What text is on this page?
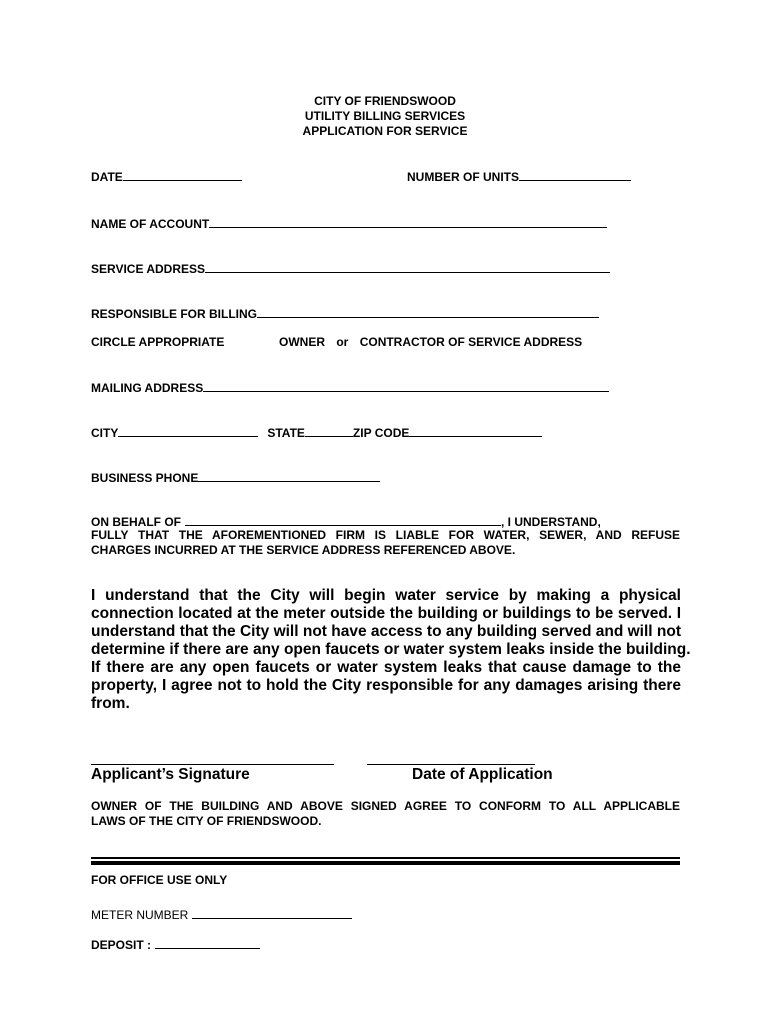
CITY OF FRIENDSWOOD
UTILITY BILLING SERVICES
APPLICATION FOR SERVICE
DATE	NUMBER OF UNITS
NAME OF ACCOUNT
SERVICE ADDRESS
RESPONSIBLE FOR BILLING
CIRCLE APPROPRIATE	OWNER or CONTRACTOR OF SERVICE ADDRESS
MAILING ADDRESS
CITY	STATE	ZIP CODE
BUSINESS PHONE
ON BEHALF OF	, I UNDERSTAND,
FULLY THAT THE AFOREMENTIONED FIRM IS LIABLE FOR WATER, SEWER, AND REFUSE
CHARGES INCURRED AT THE SERVICE ADDRESS REFERENCED ABOVE.
I understand that the City will begin water service by making a physical
connection located at the meter outside the building or buildings to be served. I
understand that the City will not have access to any building served and will not
determine if there are any open faucets or water system leaks inside the building.
If there are any open faucets or water system leaks that cause damage to the
property, I agree not to hold the City responsible for any damages arising there
from.
Applicant’s Signature	Date of Application
OWNER OF THE BUILDING AND ABOVE SIGNED AGREE TO CONFORM TO ALL APPLICABLE
LAWS OF THE CITY OF FRIENDSWOOD.
FOR OFFICE USE ONLY
METER NUMBER
DEPOSIT :
